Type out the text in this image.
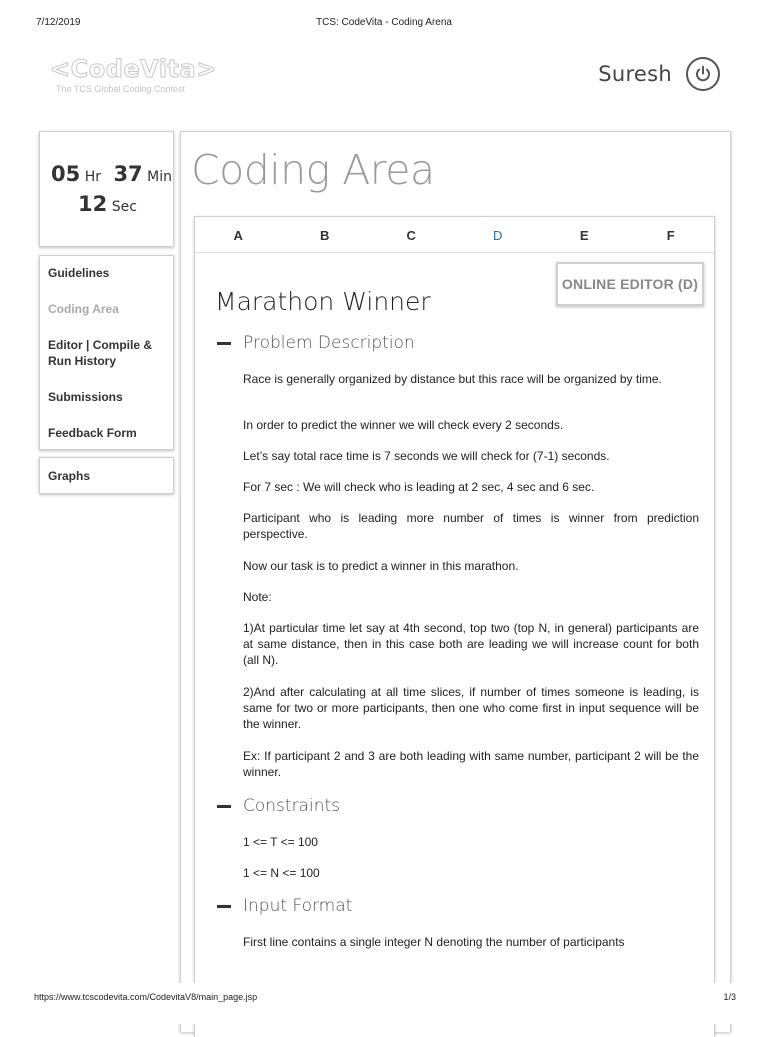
7/12/2019	TCS: CodeVita - Coding Arena
<CodeVita>
The TCS Global Coding Contest
Suresh
05 Hr 37 Min
12 Sec
Guidelines
Coding Area
Editor | Compile & Run History
Submissions
Feedback Form
Graphs
Coding Area
A	B	C	D	E	F
ONLINE EDITOR (D)
Marathon Winner
Problem Description
Race is generally organized by distance but this race will be organized by time.
In order to predict the winner we will check every 2 seconds.
Let’s say total race time is 7 seconds we will check for (7-1) seconds.
For 7 sec : We will check who is leading at 2 sec, 4 sec and 6 sec.
Participant who is leading more number of times is winner from prediction perspective.
Now our task is to predict a winner in this marathon.
Note:
1)At particular time let say at 4th second, top two (top N, in general) participants are at same distance, then in this case both are leading we will increase count for both (all N).
2)And after calculating at all time slices, if number of times someone is leading, is same for two or more participants, then one who come first in input sequence will be the winner.
Ex: If participant 2 and 3 are both leading with same number, participant 2 will be the winner.
Constraints
1 <= T <= 100
1 <= N <= 100
Input Format
First line contains a single integer N denoting the number of participants
https://www.tcscodevita.com/CodevitaV8/main_page.jsp	1/3
